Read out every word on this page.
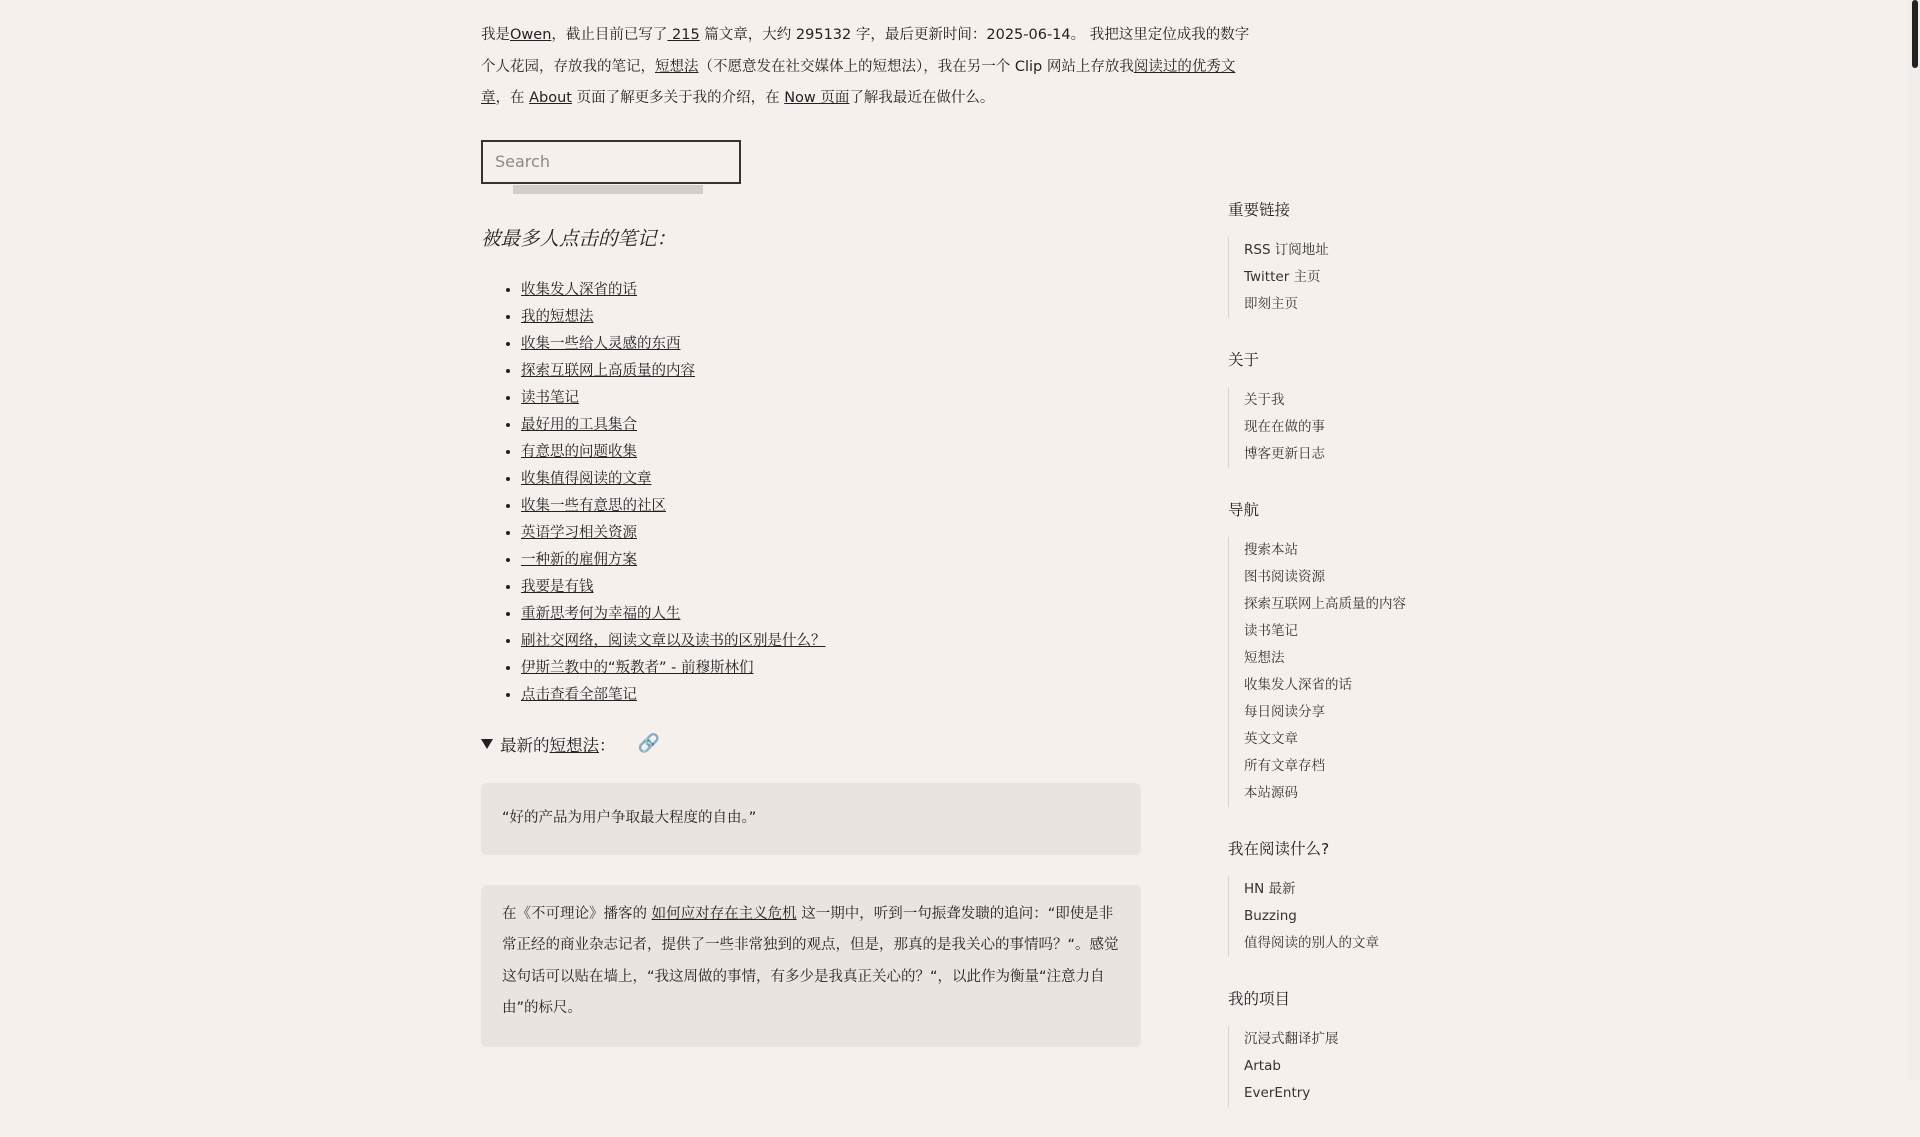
我是Owen，截止目前已写了 215 篇文章，大约 295132 字，最后更新时间：2025-06-14。 我把这里定位成我的数字个人花园，存放我的笔记，短想法（不愿意发在社交媒体上的短想法），我在另一个 Clip 网站上存放我阅读过的优秀文章，在 About 页面了解更多关于我的介绍，在 Now 页面了解我最近在做什么。

Search
被最多人点击的笔记：
• 收集发人深省的话
• 我的短想法
• 收集一些给人灵感的东西
• 探索互联网上高质量的内容
• 读书笔记
• 最好用的工具集合
• 有意思的问题收集
• 收集值得阅读的文章
• 收集一些有意思的社区
• 英语学习相关资源
• 一种新的雇佣方案
• 我要是有钱
• 重新思考何为幸福的人生
• 刷社交网络，阅读文章以及读书的区别是什么？
• 伊斯兰教中的“叛教者” - 前穆斯林们
• 点击查看全部笔记
最新的 短想法 ： 🔗
“好的产品为用户争取最大程度的自由。”
在《不可理论》播客的 如何应对存在主义危机 这一期中，听到一句振聋发聩的追问：“即使是非常正经的商业杂志记者，提供了一些非常独到的观点，但是，那真的是我关心的事情吗？“。感觉这句话可以贴在墙上，“我这周做的事情，有多少是我真正关心的？“，以此作为衡量“注意力自由”的标尺。
重要链接
RSS 订阅地址
Twitter 主页
即刻主页
关于
关于我
现在在做的事
博客更新日志
导航
搜索本站
图书阅读资源
探索互联网上高质量的内容
读书笔记
短想法
收集发人深省的话
每日阅读分享
英文文章
所有文章存档
本站源码
我在阅读什么?
HN 最新
Buzzing
值得阅读的别人的文章
我的项目
沉浸式翻译扩展
Artab
EverEntry
